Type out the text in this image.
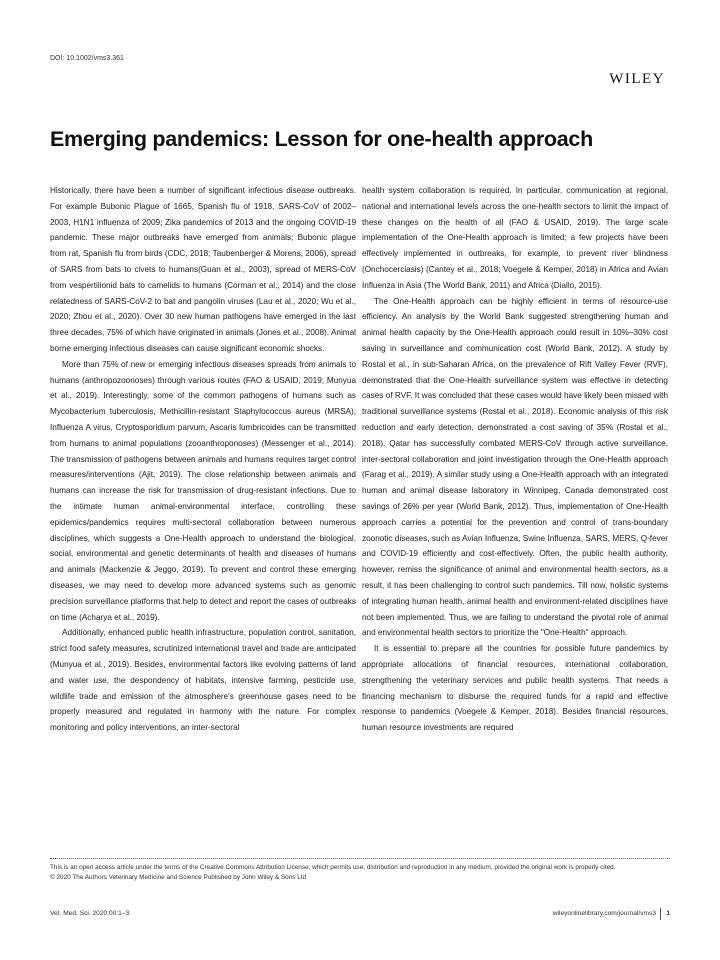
DOI: 10.1002/vms3.361
WILEY
Emerging pandemics: Lesson for one-health approach

Historically, there have been a number of significant infectious disease outbreaks. For example Bubonic Plague of 1665, Spanish flu of 1918, SARS-CoV of 2002–2003, H1N1 influenza of 2009; Zika pandemics of 2013 and the ongoing COVID-19 pandemic. These major outbreaks have emerged from animals; Bubonic plague from rat, Spanish flu from birds (CDC, 2018; Taubenberger & Morens, 2006), spread of SARS from bats to civets to humans(Guan et al., 2003), spread of MERS-CoV from vespertilionid bats to camelids to humans (Corman et al., 2014) and the close relatedness of SARS-CoV-2 to bat and pangolin viruses (Lau et al., 2020; Wu et al., 2020; Zhou et al., 2020). Over 30 new human pathogens have emerged in the last three decades, 75% of which have originated in animals (Jones et al., 2008). Animal borne emerging infectious diseases can cause significant economic shocks.

More than 75% of new or emerging infectious diseases spreads from animals to humans (anthropozoonoses) through various routes (FAO & USAID, 2019; Munyua et al., 2019). Interestingly, some of the common pathogens of humans such as Mycobacterium tuberculosis, Methicillin-resistant Staphylococcus aureus (MRSA), Influenza A virus, Cryptosporidium parvum, Ascaris lumbricoides can be transmitted from humans to animal populations (zooanthroponoses) (Messenger et al., 2014). The transmission of pathogens between animals and humans requires target control measures/interventions (Ajit, 2019). The close relationship between animals and humans can increase the risk for transmission of drug-resistant infections. Due to the intimate human animal-environmental interface, controlling these epidemics/pandemics requires multi-sectoral collaboration between numerous disciplines, which suggests a One-Health approach to understand the biological, social, environmental and genetic determinants of health and diseases of humans and animals (Mackenzie & Jeggo, 2019). To prevent and control these emerging diseases, we may need to develop more advanced systems such as genomic precision surveillance platforms that help to detect and report the cases of outbreaks on time (Acharya et al., 2019).

Additionally, enhanced public health infrastructure, population control, sanitation, strict food safety measures, scrutinized international travel and trade are anticipated (Munyua et al., 2019). Besides, environmental factors like evolving patterns of land and water use, the despondency of habitats, intensive farming, pesticide use, wildlife trade and emission of the atmosphere's greenhouse gases need to be properly measured and regulated in harmony with the nature. For complex monitoring and policy interventions, an inter-sectoral

health system collaboration is required. In particular, communication at regional, national and international levels across the one-health sectors to limit the impact of these changes on the health of all (FAO & USAID, 2019). The large scale implementation of the One-Health approach is limited; a few projects have been effectively implemented in outbreaks, for example, to prevent river blindness (Onchocerciasis) (Cantey et al., 2018; Voegele & Kemper, 2018) in Africa and Avian Influenza in Asia (The World Bank, 2011) and Africa (Diallo, 2015).

The One-Health approach can be highly efficient in terms of resource-use efficiency. An analysis by the World Bank suggested strengthening human and animal health capacity by the One-Health approach could result in 10%–30% cost saving in surveillance and communication cost (World Bank, 2012). A study by Rostal et al., in sub-Saharan Africa, on the prevalence of Rift Valley Fever (RVF), demonstrated that the One-Health surveillance system was effective in detecting cases of RVF. It was concluded that these cases would have likely been missed with traditional surveillance systems (Rostal et al., 2018). Economic analysis of this risk reduction and early detection, demonstrated a cost saving of 35% (Rostal et al., 2018). Qatar has successfully combated MERS-CoV through active surveillance, inter-sectoral collaboration and joint investigation through the One-Health approach (Farag et al., 2019). A similar study using a One-Health approach with an integrated human and animal disease laboratory in Winnipeg, Canada demonstrated cost savings of 26% per year (World Bank, 2012). Thus, implementation of One-Health approach carries a potential for the prevention and control of trans-boundary zoonotic diseases, such as Avian Influenza, Swine Influenza, SARS, MERS, Q-fever and COVID-19 efficiently and cost-effectively. Often, the public health authority, however, remiss the significance of animal and environmental health sectors, as a result, it has been challenging to control such pandemics. Till now, holistic systems of integrating human health, animal health and environment-related disciplines have not been implemented. Thus, we are failing to understand the pivotal role of animal and environmental health sectors to prioritize the "One-Health" approach.

It is essential to prepare all the countries for possible future pandemics by appropriate allocations of financial resources, international collaboration, strengthening the veterinary services and public health systems. That needs a financing mechanism to disburse the required funds for a rapid and effective response to pandemics (Voegele & Kemper, 2018). Besides financial resources, human resource investments are required

This is an open access article under the terms of the Creative Commons Attribution License, which permits use, distribution and reproduction in any medium, provided the original work is properly cited.
© 2020 The Authors Veterinary Medicine and Science Published by John Wiley & Sons Ltd
Vet. Med. Sci. 2020;00:1–3.	wileyonlinelibrary.com/journal/vms3 1
